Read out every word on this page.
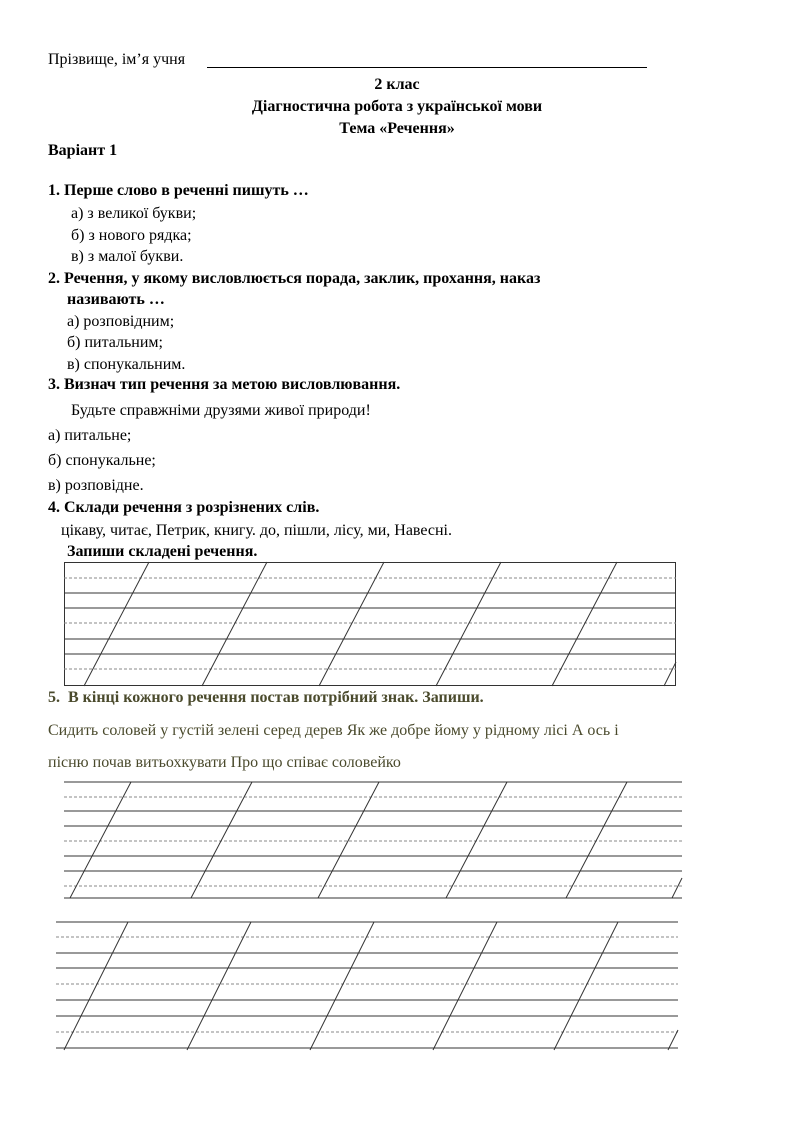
Прізвище, ім’я учня
2 клас
Діагностична робота з української мови
Тема «Речення»
Варіант 1
1. Перше слово в реченні пишуть …
а) з великої букви;
б) з нового рядка;
в) з малої букви.
2. Речення, у якому висловлюється порада, заклик, прохання, наказ
називають …
а) розповідним;
б) питальним;
в) спонукальним.
3. Визнач тип речення за метою висловлювання.
Будьте справжніми друзями живої природи!
а) питальне;
б) спонукальне;
в) розповідне.
4. Склади речення з розрізнених слів.
цікаву, читає, Петрик, книгу. до, пішли, лісу, ми, Навесні.
Запиши складені речення.
5. В кінці кожного речення постав потрібний знак. Запиши.
Сидить соловей у густій зелені серед дерев Як же добре йому у рідному лісі А ось і
пісню почав витьохкувати Про що співає соловейко
